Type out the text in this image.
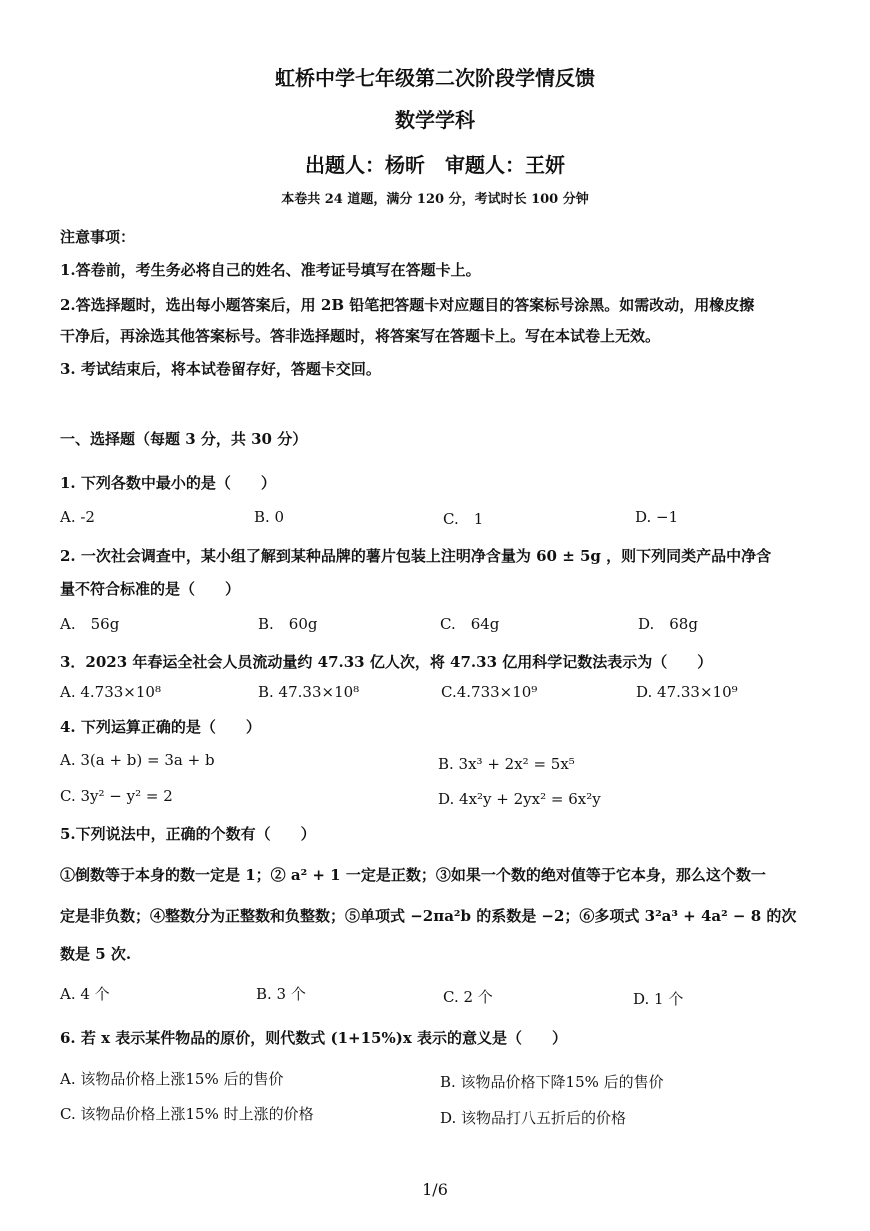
虹桥中学七年级第二次阶段学情反馈
数学学科
出题人：杨昕　审题人：王妍
本卷共 24 道题，满分 120 分，考试时长 100 分钟
注意事项：
1.答卷前，考生务必将自己的姓名、准考证号填写在答题卡上。
2.答选择题时，选出每小题答案后，用 2B 铅笔把答题卡对应题目的答案标号涂黑。如需改动，用橡皮擦
干净后，再涂选其他答案标号。答非选择题时，将答案写在答题卡上。写在本试卷上无效。
3. 考试结束后，将本试卷留存好，答题卡交回。
一、选择题（每题 3 分，共 30 分）
1. 下列各数中最小的是（　　）
A. -2	B. 0	C.　1	D. −1
2. 一次社会调查中，某小组了解到某种品牌的薯片包装上注明净含量为 60 ± 5g ，则下列同类产品中净含
量不符合标准的是（　　）
A.　56g	B.　60g	C.　64g	D.　68g
3．2023 年春运全社会人员流动量约 47.33 亿人次，将 47.33 亿用科学记数法表示为（　　）
A. 4.733×10⁸	B. 47.33×10⁸	C.4.733×10⁹	D. 47.33×10⁹
4. 下列运算正确的是（　　）
A. 3(a + b) = 3a + b	B. 3x³ + 2x² = 5x⁵
C. 3y² − y² = 2	D. 4x²y + 2yx² = 6x²y
5.下列说法中，正确的个数有（　　）
①倒数等于本身的数一定是 1；② a² + 1 一定是正数；③如果一个数的绝对值等于它本身，那么这个数一
定是非负数；④整数分为正整数和负整数；⑤单项式 −2πa²b 的系数是 −2；⑥多项式 3²a³ + 4a² − 8 的次
数是 5 次.
A. 4 个	B. 3 个	C. 2 个	D. 1 个
6. 若 x 表示某件物品的原价，则代数式 (1+15%)x 表示的意义是（　　）
A. 该物品价格上涨15% 后的售价	B. 该物品价格下降15% 后的售价
C. 该物品价格上涨15% 时上涨的价格	D. 该物品打八五折后的价格
1/6
